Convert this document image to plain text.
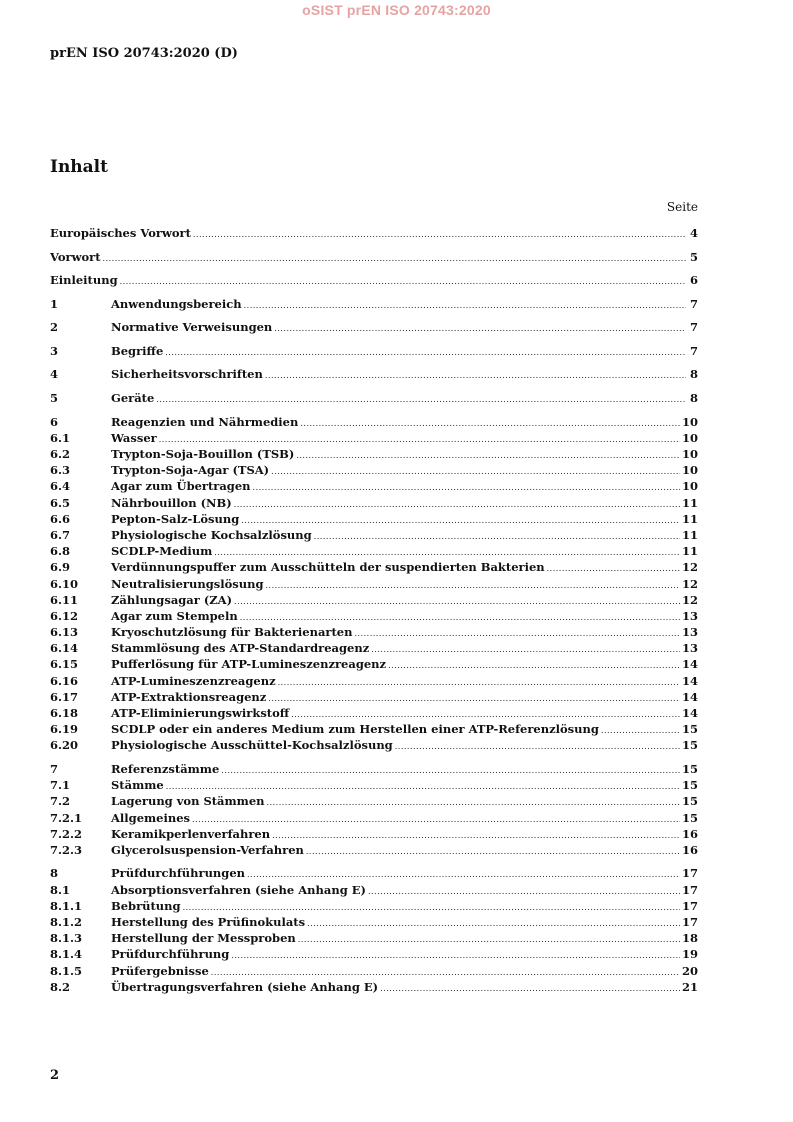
oSIST prEN ISO 20743:2020
prEN ISO 20743:2020 (D)
Inhalt
Seite
Europäisches Vorwort .....	4
Vorwort .....	5
Einleitung .....	6
1	Anwendungsbereich .....	7
2	Normative Verweisungen .....	7
3	Begriffe .....	7
4	Sicherheitsvorschriften .....	8
5	Geräte .....	8
6	Reagenzien und Nährmedien .....	10
6.1	Wasser .....	10
6.2	Trypton-Soja-Bouillon (TSB) .....	10
6.3	Trypton-Soja-Agar (TSA) .....	10
6.4	Agar zum Übertragen .....	10
6.5	Nährbouillon (NB) .....	11
6.6	Pepton-Salz-Lösung .....	11
6.7	Physiologische Kochsalzlösung .....	11
6.8	SCDLP-Medium .....	11
6.9	Verdünnungspuffer zum Ausschütteln der suspendierten Bakterien .....	12
6.10	Neutralisierungslösung .....	12
6.11	Zählungsagar (ZA) .....	12
6.12	Agar zum Stempeln .....	13
6.13	Kryoschutzlösung für Bakterienarten .....	13
6.14	Stammlösung des ATP-Standardreagenz .....	13
6.15	Pufferlösung für ATP-Lumineszenzreagenz .....	14
6.16	ATP-Lumineszenzreagenz .....	14
6.17	ATP-Extraktionsreagenz .....	14
6.18	ATP-Eliminierungswirkstoff .....	14
6.19	SCDLP oder ein anderes Medium zum Herstellen einer ATP-Referenzlösung .....	15
6.20	Physiologische Ausschüttel-Kochsalzlösung .....	15
7	Referenzstämme .....	15
7.1	Stämme .....	15
7.2	Lagerung von Stämmen .....	15
7.2.1	Allgemeines .....	15
7.2.2	Keramikperlenverfahren .....	16
7.2.3	Glycerolsuspension-Verfahren .....	16
8	Prüfdurchführungen .....	17
8.1	Absorptionsverfahren (siehe Anhang E) .....	17
8.1.1	Bebrütung .....	17
8.1.2	Herstellung des Prüfinokulats .....	17
8.1.3	Herstellung der Messproben .....	18
8.1.4	Prüfdurchführung .....	19
8.1.5	Prüfergebnisse .....	20
8.2	Übertragungsverfahren (siehe Anhang E) .....	21
2
